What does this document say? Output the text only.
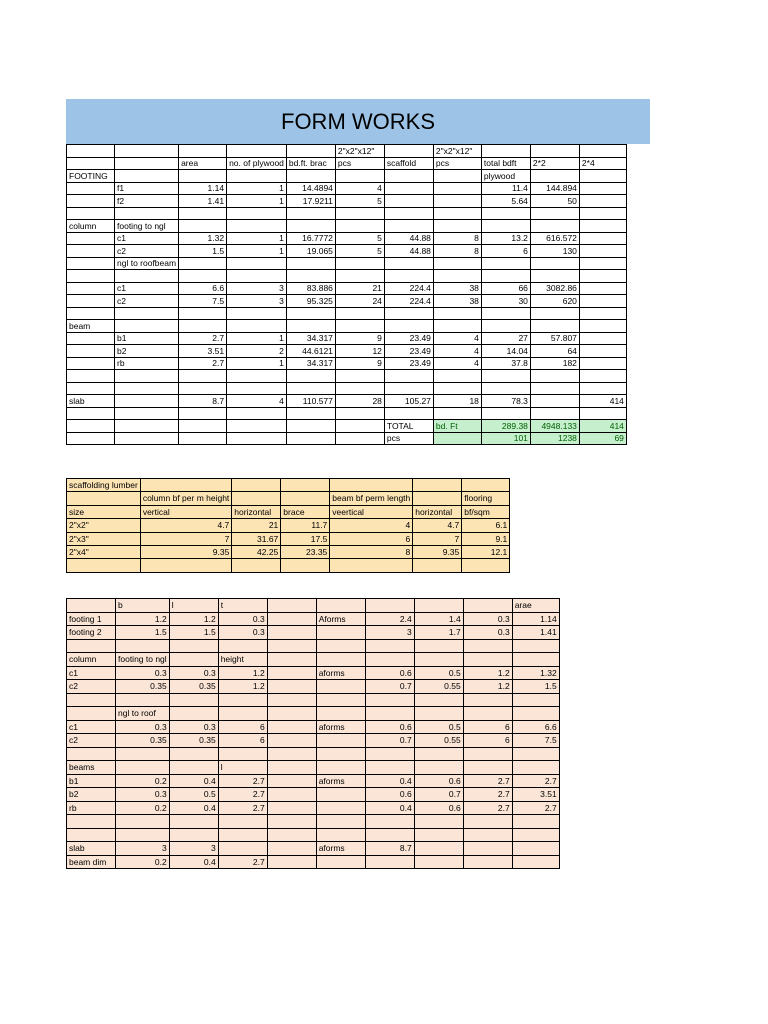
FORM WORKS
					2"x2"x12"		2"x2"x12"			
		area	no. of plywood	bd.ft. brac	pcs	scaffold	pcs	total bdft	2*2	2*4
FOOTING								plywood		
	f1	1.14	1	14.4894	4			11.4	144.894	
	f2	1.41	1	17.9211	5			5.64	50	

column	footing to ngl									
	c1	1.32	1	16.7772	5	44.88	8	13.2	616.572	
	c2	1.5	1	19.065	5	44.88	8	6	130	
	ngl to roofbeam									

	c1	6.6	3	83.886	21	224.4	38	66	3082.86	
	c2	7.5	3	95.325	24	224.4	38	30	620	

beam										
	b1	2.7	1	34.317	9	23.49	4	27	57.807	
	b2	3.51	2	44.6121	12	23.49	4	14.04	64	
	rb	2.7	1	34.317	9	23.49	4	37.8	182	

slab		8.7	4	110.577	28	105.27	18	78.3		414

						TOTAL	bd. Ft	289.38	4948.133	414
						pcs		101	1238	69
scaffolding lumber						
	column bf per m height			beam bf perm length		flooring
size	vertical	horizontal	brace	veertical	horizontal	bf/sqm
2"x2"	4.7	21	11.7	4	4.7	6.1
2"x3"	7	31.67	17.5	6	7	9.1
2"x4"	9.35	42.25	23.35	8	9.35	12.1

	b	l	t						arae
footing 1	1.2	1.2	0.3		Aforms	2.4	1.4	0.3	1.14
footing 2	1.5	1.5	0.3			3	1.7	0.3	1.41

column	footing to ngl		height						
c1	0.3	0.3	1.2		aforms	0.6	0.5	1.2	1.32
c2	0.35	0.35	1.2			0.7	0.55	1.2	1.5

	ngl to roof								
c1	0.3	0.3	6		aforms	0.6	0.5	6	6.6
c2	0.35	0.35	6			0.7	0.55	6	7.5

beams			l						
b1	0.2	0.4	2.7		aforms	0.4	0.6	2.7	2.7
b2	0.3	0.5	2.7			0.6	0.7	2.7	3.51
rb	0.2	0.4	2.7			0.4	0.6	2.7	2.7

slab	3	3			aforms	8.7			
beam dim	0.2	0.4	2.7						
